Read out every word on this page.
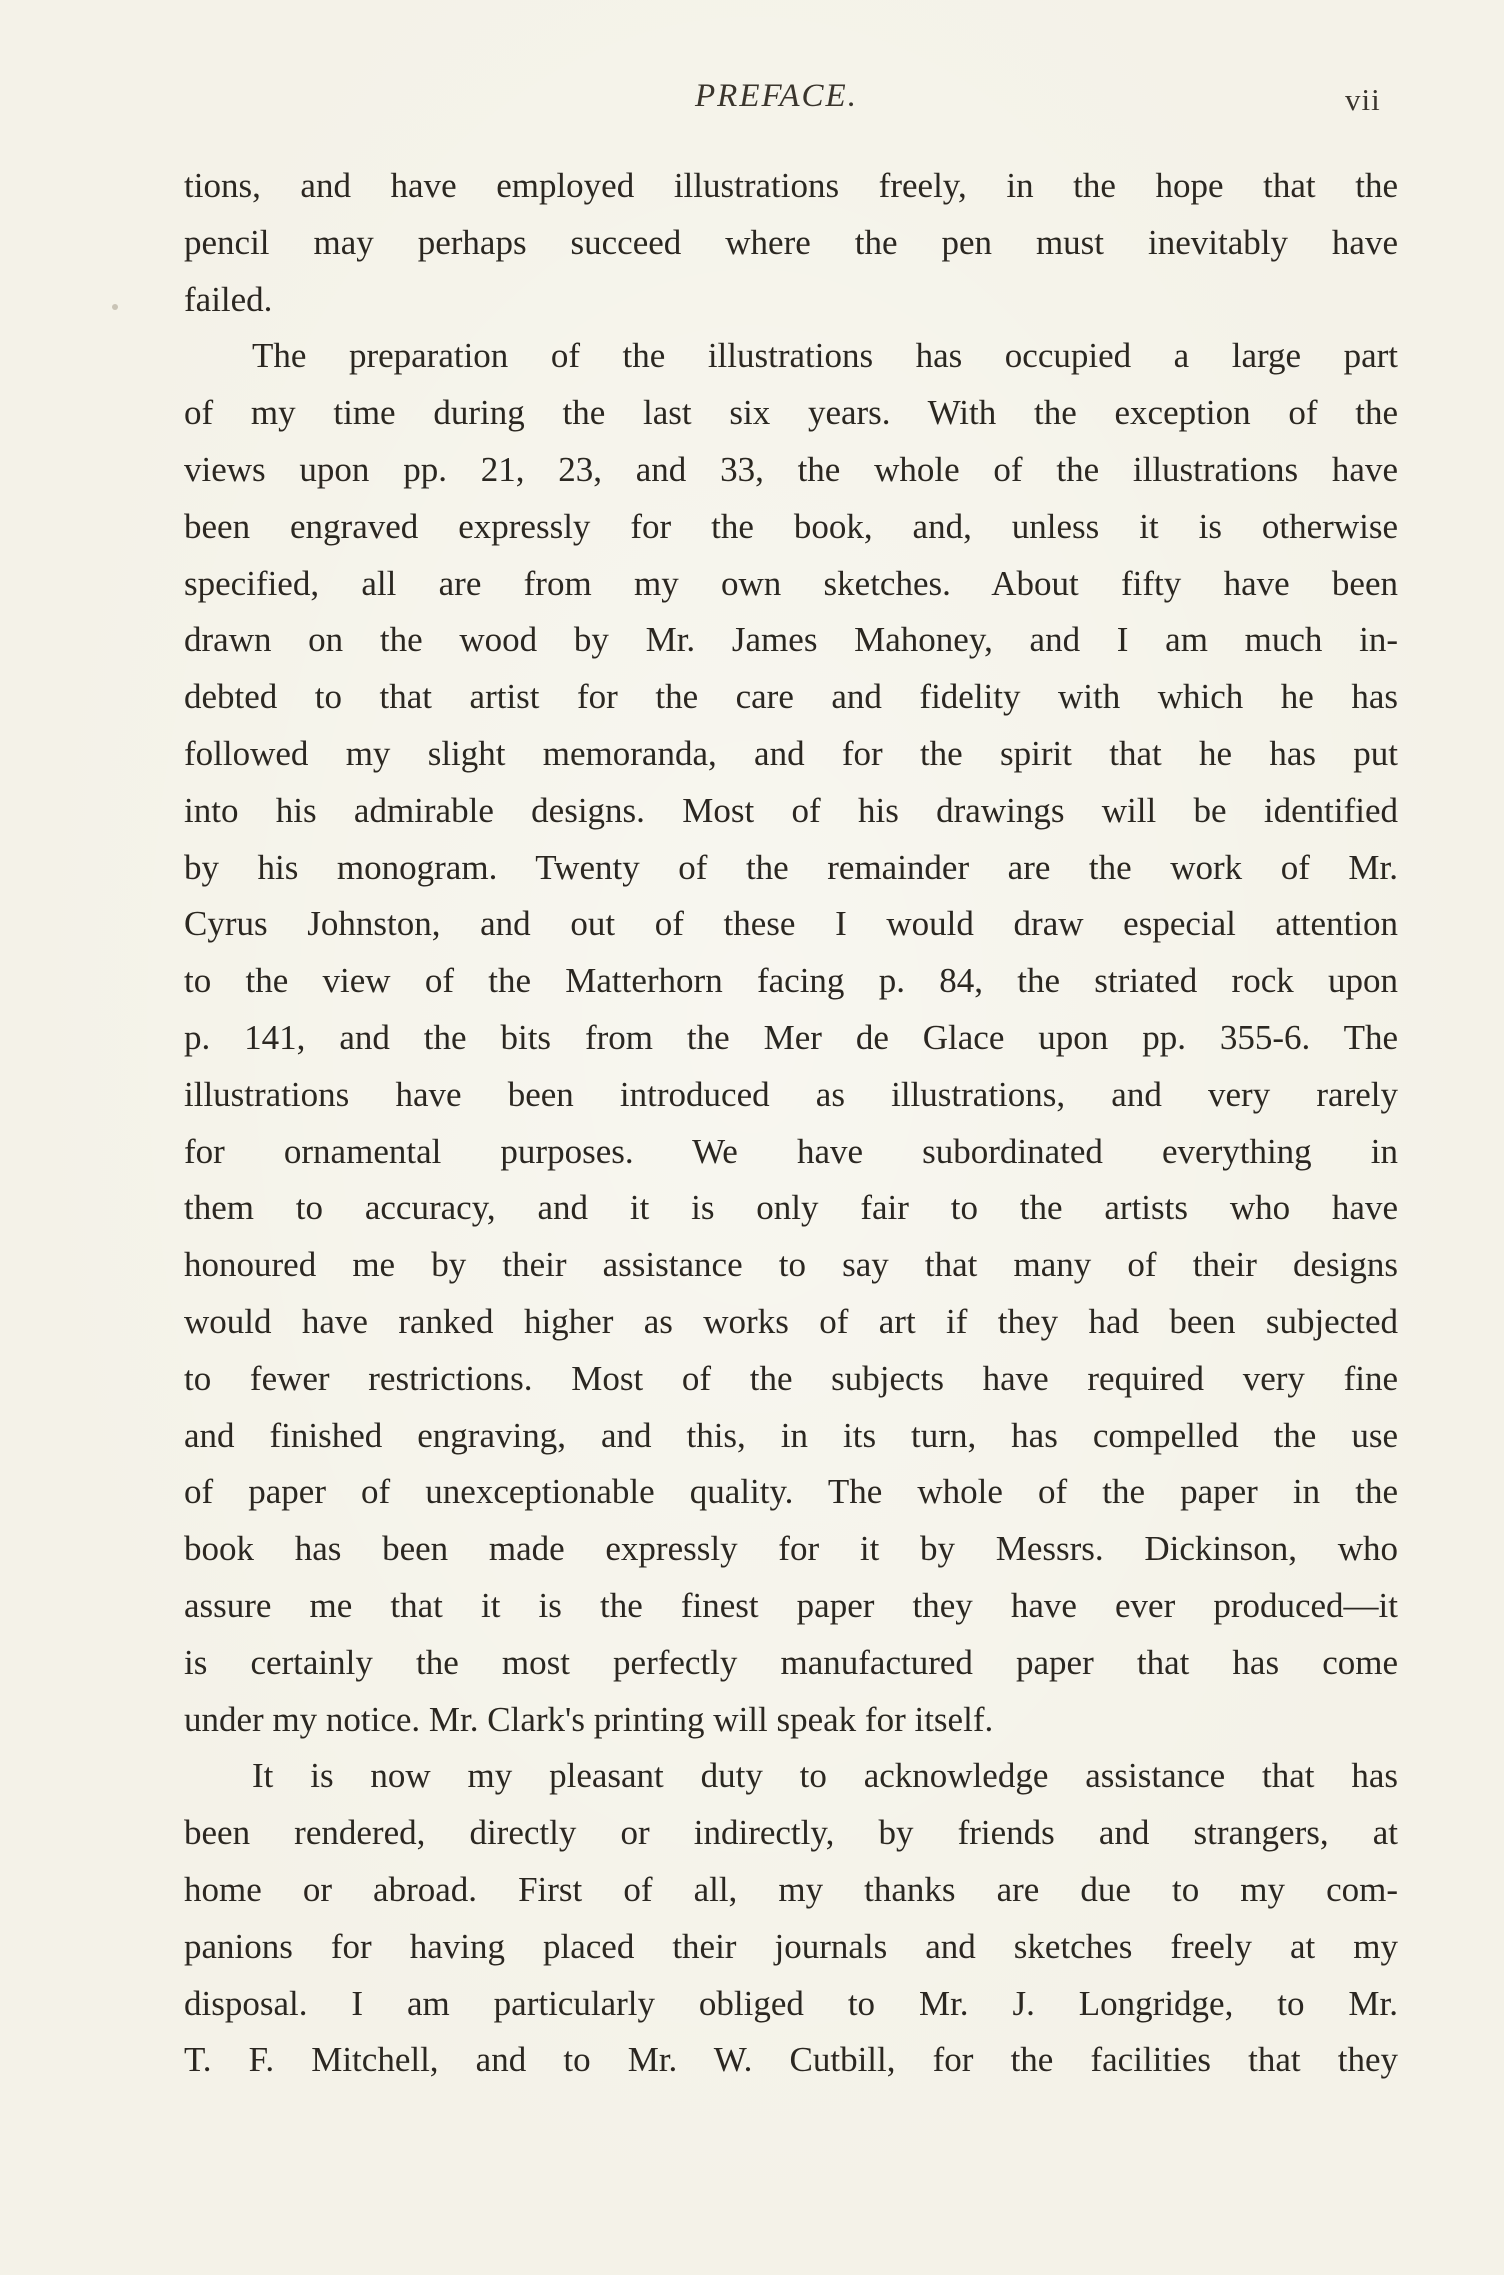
PREFACE.	vii
tions, and have employed illustrations freely, in the hope that the
pencil may perhaps succeed where the pen must inevitably have
failed.
The preparation of the illustrations has occupied a large part
of my time during the last six years. With the exception of the
views upon pp. 21, 23, and 33, the whole of the illustrations have
been engraved expressly for the book, and, unless it is otherwise
specified, all are from my own sketches. About fifty have been
drawn on the wood by Mr. James Mahoney, and I am much in-
debted to that artist for the care and fidelity with which he has
followed my slight memoranda, and for the spirit that he has put
into his admirable designs. Most of his drawings will be identified
by his monogram. Twenty of the remainder are the work of Mr.
Cyrus Johnston, and out of these I would draw especial attention
to the view of the Matterhorn facing p. 84, the striated rock upon
p. 141, and the bits from the Mer de Glace upon pp. 355-6. The
illustrations have been introduced as illustrations, and very rarely
for ornamental purposes. We have subordinated everything in
them to accuracy, and it is only fair to the artists who have
honoured me by their assistance to say that many of their designs
would have ranked higher as works of art if they had been subjected
to fewer restrictions. Most of the subjects have required very fine
and finished engraving, and this, in its turn, has compelled the use
of paper of unexceptionable quality. The whole of the paper in the
book has been made expressly for it by Messrs. Dickinson, who
assure me that it is the finest paper they have ever produced—it
is certainly the most perfectly manufactured paper that has come
under my notice. Mr. Clark's printing will speak for itself.
It is now my pleasant duty to acknowledge assistance that has
been rendered, directly or indirectly, by friends and strangers, at
home or abroad. First of all, my thanks are due to my com-
panions for having placed their journals and sketches freely at my
disposal. I am particularly obliged to Mr. J. Longridge, to Mr.
T. F. Mitchell, and to Mr. W. Cutbill, for the facilities that they
